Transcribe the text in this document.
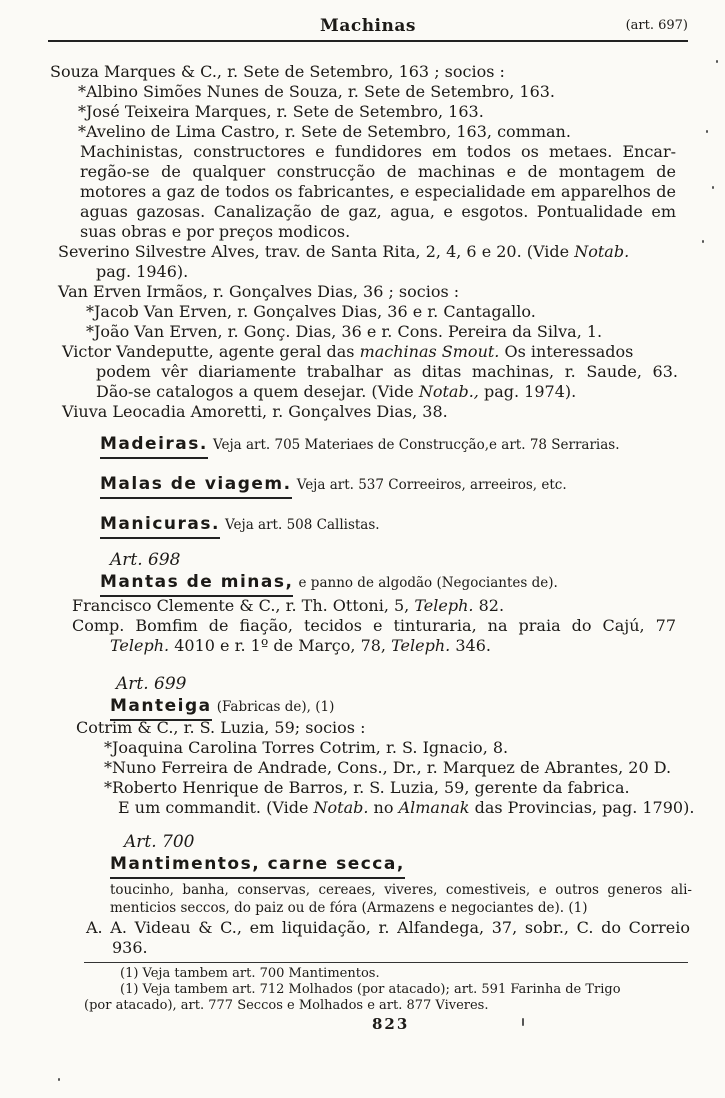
Machinas	(art. 697)
Souza Marques & C., r. Sete de Setembro, 163 ; socios :
*Albino Simões Nunes de Souza, r. Sete de Setembro, 163.
*José Teixeira Marques, r. Sete de Setembro, 163.
*Avelino de Lima Castro, r. Sete de Setembro, 163, comman.
Machinistas, constructores e fundidores em todos os metaes. Encar-
regão-se de qualquer construcção de machinas e de montagem de
motores a gaz de todos os fabricantes, e especialidade em apparelhos de
aguas gazosas. Canalização de gaz, agua, e esgotos. Pontualidade em
suas obras e por preços modicos.
Severino Silvestre Alves, trav. de Santa Rita, 2, 4, 6 e 20. (Vide Notab.
pag. 1946).
Van Erven Irmãos, r. Gonçalves Dias, 36 ; socios :
*Jacob Van Erven, r. Gonçalves Dias, 36 e r. Cantagallo.
*João Van Erven, r. Gonç. Dias, 36 e r. Cons. Pereira da Silva, 1.
Victor Vandeputte, agente geral das machinas Smout. Os interessados
podem vêr diariamente trabalhar as ditas machinas, r. Saude, 63.
Dão-se catalogos a quem desejar. (Vide Notab., pag. 1974).
Viuva Leocadia Amoretti, r. Gonçalves Dias, 38.
Madeiras. Veja art. 705 Materiaes de Construcção,e art. 78 Serrarias.
Malas de viagem. Veja art. 537 Correeiros, arreeiros, etc.
Manicuras. Veja art. 508 Callistas.
Art. 698
Mantas de minas, e panno de algodão (Negociantes de).
Francisco Clemente & C., r. Th. Ottoni, 5, Teleph. 82.
Comp. Bomfim de fiação, tecidos e tinturaria, na praia do Cajú, 77
Teleph. 4010 e r. 1º de Março, 78, Teleph. 346.
Art. 699
Manteiga (Fabricas de), (1)
Cotrim & C., r. S. Luzia, 59; socios :
*Joaquina Carolina Torres Cotrim, r. S. Ignacio, 8.
*Nuno Ferreira de Andrade, Cons., Dr., r. Marquez de Abrantes, 20 D.
*Roberto Henrique de Barros, r. S. Luzia, 59, gerente da fabrica.
E um commandit. (Vide Notab. no Almanak das Provincias, pag. 1790).
Art. 700
Mantimentos, carne secca,
toucinho, banha, conservas, cereaes, viveres, comestiveis, e outros generos ali-
menticios seccos, do paiz ou de fóra (Armazens e negociantes de). (1)
A. A. Videau & C., em liquidação, r. Alfandega, 37, sobr., C. do Correio
936.
(1) Veja tambem art. 700 Mantimentos.
(1) Veja tambem art. 712 Molhados (por atacado); art. 591 Farinha de Trigo
(por atacado), art. 777 Seccos e Molhados e art. 877 Viveres.
823
